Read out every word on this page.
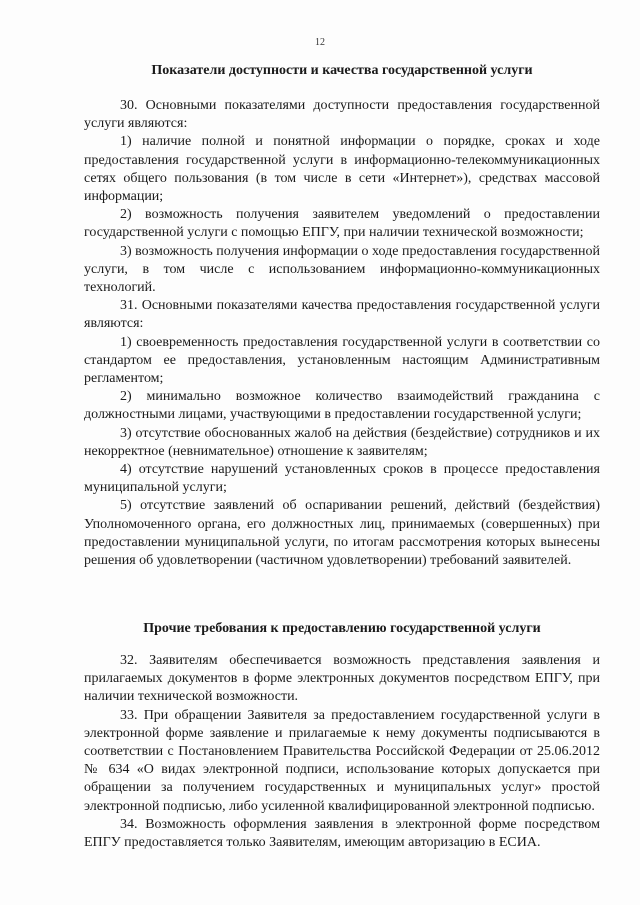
12

Показатели доступности и качества государственной услуги

30. Основными показателями доступности предоставления государственной услуги являются:

1) наличие полной и понятной информации о порядке, сроках и ходе предоставления государственной услуги в информационно-телекоммуникационных сетях общего пользования (в том числе в сети «Интернет»), средствах массовой информации;

2) возможность получения заявителем уведомлений о предоставлении государственной услуги с помощью ЕПГУ, при наличии технической возможности;

3) возможность получения информации о ходе предоставления государственной услуги, в том числе с использованием информационно-коммуникационных технологий.

31. Основными показателями качества предоставления государственной услуги являются:

1) своевременность предоставления государственной услуги в соответствии со стандартом ее предоставления, установленным настоящим Административным регламентом;

2) минимально возможное количество взаимодействий гражданина с должностными лицами, участвующими в предоставлении государственной услуги;

3) отсутствие обоснованных жалоб на действия (бездействие) сотрудников и их некорректное (невнимательное) отношение к заявителям;

4) отсутствие нарушений установленных сроков в процессе предоставления муниципальной услуги;

5) отсутствие заявлений об оспаривании решений, действий (бездействия) Уполномоченного органа, его должностных лиц, принимаемых (совершенных) при предоставлении муниципальной услуги, по итогам рассмотрения которых вынесены решения об удовлетворении (частичном удовлетворении) требований заявителей.

Прочие требования к предоставлению государственной услуги

32. Заявителям обеспечивается возможность представления заявления и прилагаемых документов в форме электронных документов посредством ЕПГУ, при наличии технической возможности.

33. При обращении Заявителя за предоставлением государственной услуги в электронной форме заявление и прилагаемые к нему документы подписываются в соответствии с Постановлением Правительства Российской Федерации от 25.06.2012 № 634 «О видах электронной подписи, использование которых допускается при обращении за получением государственных и муниципальных услуг» простой электронной подписью, либо усиленной квалифицированной электронной подписью.

34. Возможность оформления заявления в электронной форме посредством ЕПГУ предоставляется только Заявителям, имеющим авторизацию в ЕСИА.
